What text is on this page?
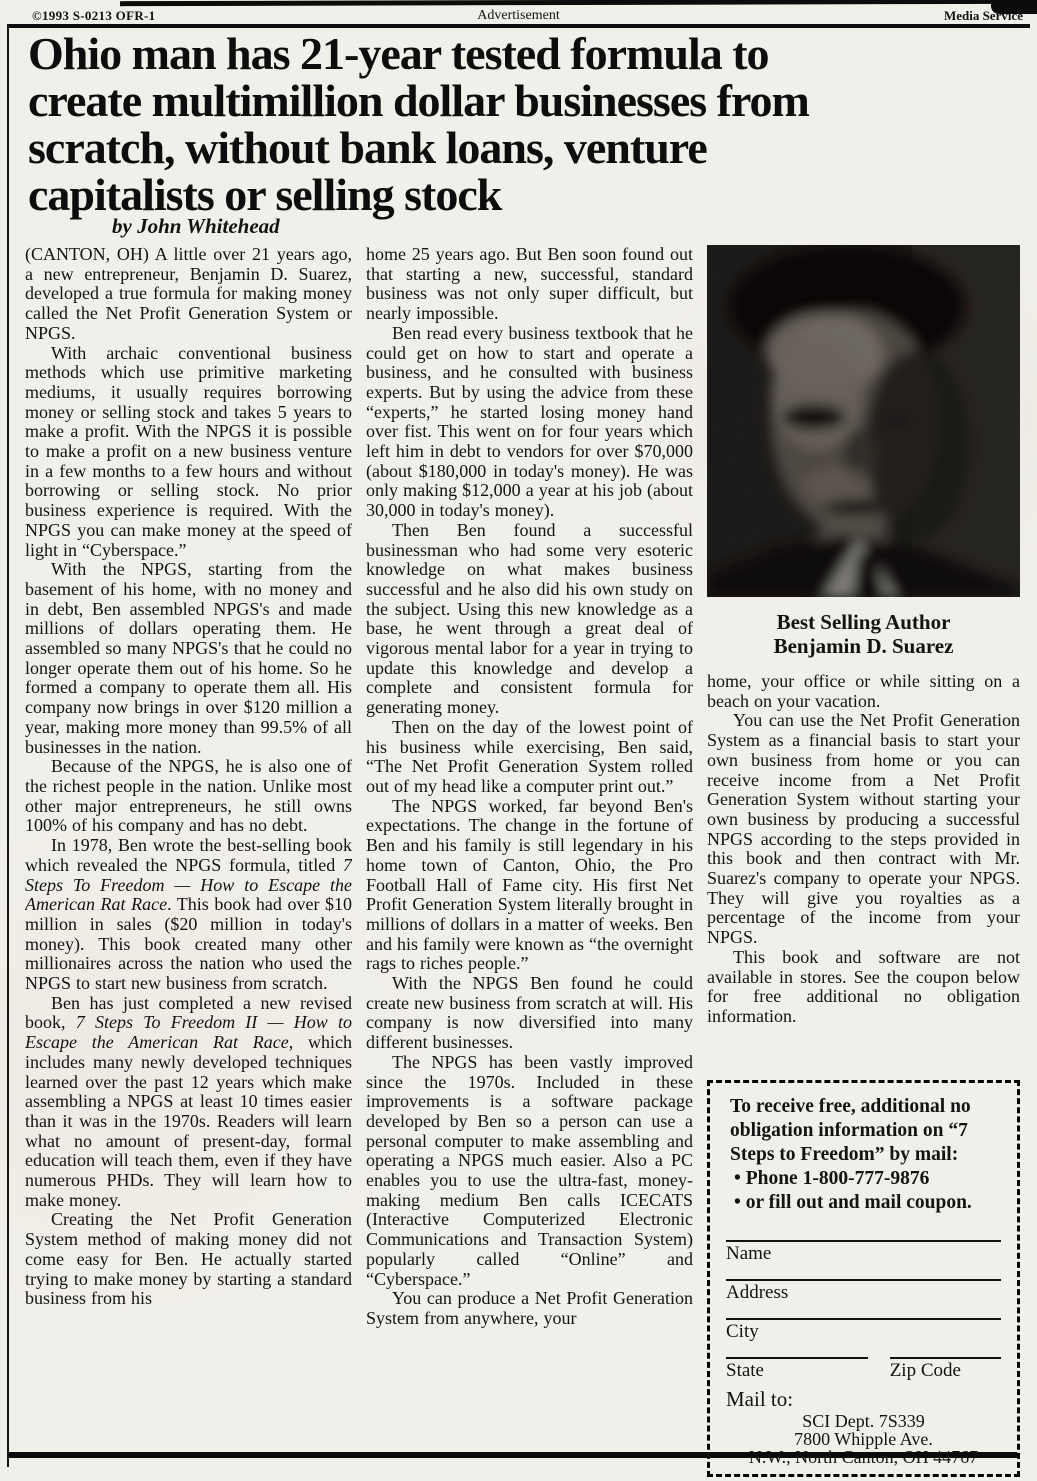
©1993 S-0213 OFR-1	Advertisement	Media Service
Ohio man has 21-year tested formula to
create multimillion dollar businesses from
scratch, without bank loans, venture
capitalists or selling stock
by John Whitehead

(CANTON, OH) A little over 21 years ago, a new entrepreneur, Benjamin D. Suarez, developed a true formula for making money called the Net Profit Generation System or NPGS.

With archaic conventional business methods which use primitive marketing mediums, it usually requires borrowing money or selling stock and takes 5 years to make a profit. With the NPGS it is possible to make a profit on a new business venture in a few months to a few hours and without borrowing or selling stock. No prior business experience is required. With the NPGS you can make money at the speed of light in “Cyberspace.”

With the NPGS, starting from the basement of his home, with no money and in debt, Ben assembled NPGS's and made millions of dollars operating them. He assembled so many NPGS's that he could no longer operate them out of his home. So he formed a company to operate them all. His company now brings in over $120 million a year, making more money than 99.5% of all businesses in the nation.

Because of the NPGS, he is also one of the richest people in the nation. Unlike most other major entrepreneurs, he still owns 100% of his company and has no debt.

In 1978, Ben wrote the best-selling book which revealed the NPGS formula, titled 7 Steps To Freedom — How to Escape the American Rat Race. This book had over $10 million in sales ($20 million in today's money). This book created many other millionaires across the nation who used the NPGS to start new business from scratch.

Ben has just completed a new revised book, 7 Steps To Freedom II — How to Escape the American Rat Race, which includes many newly developed techniques learned over the past 12 years which make assembling a NPGS at least 10 times easier than it was in the 1970s. Readers will learn what no amount of present-day, formal education will teach them, even if they have numerous PHDs. They will learn how to make money.

Creating the Net Profit Generation System method of making money did not come easy for Ben. He actually started trying to make money by starting a standard business from his

home 25 years ago. But Ben soon found out that starting a new, successful, standard business was not only super difficult, but nearly impossible.

Ben read every business textbook that he could get on how to start and operate a business, and he consulted with business experts. But by using the advice from these “experts,” he started losing money hand over fist. This went on for four years which left him in debt to vendors for over $70,000 (about $180,000 in today's money). He was only making $12,000 a year at his job (about 30,000 in today's money).

Then Ben found a successful businessman who had some very esoteric knowledge on what makes business successful and he also did his own study on the subject. Using this new knowledge as a base, he went through a great deal of vigorous mental labor for a year in trying to update this knowledge and develop a complete and consistent formula for generating money.

Then on the day of the lowest point of his business while exercising, Ben said, “The Net Profit Generation System rolled out of my head like a computer print out.”

The NPGS worked, far beyond Ben's expectations. The change in the fortune of Ben and his family is still legendary in his home town of Canton, Ohio, the Pro Football Hall of Fame city. His first Net Profit Generation System literally brought in millions of dollars in a matter of weeks. Ben and his family were known as “the overnight rags to riches people.”

With the NPGS Ben found he could create new business from scratch at will. His company is now diversified into many different businesses.

The NPGS has been vastly improved since the 1970s. Included in these improvements is a software package developed by Ben so a person can use a personal computer to make assembling and operating a NPGS much easier. Also a PC enables you to use the ultra-fast, money-making medium Ben calls ICECATS (Interactive Computerized Electronic Communications and Transaction System) popularly called “Online” and “Cyberspace.”

You can produce a Net Profit Generation System from anywhere, your

Best Selling Author
Benjamin D. Suarez

home, your office or while sitting on a beach on your vacation.

You can use the Net Profit Generation System as a financial basis to start your own business from home or you can receive income from a Net Profit Generation System without starting your own business by producing a successful NPGS according to the steps provided in this book and then contract with Mr. Suarez's company to operate your NPGS. They will give you royalties as a percentage of the income from your NPGS.

This book and software are not available in stores. See the coupon below for free additional no obligation information.

To receive free, additional no obligation information on “7 Steps to Freedom” by mail:
• Phone 1-800-777-9876
• or fill out and mail coupon.
Name
Address
City
State	Zip Code
Mail to:
SCI Dept. 7S339
7800 Whipple Ave.
